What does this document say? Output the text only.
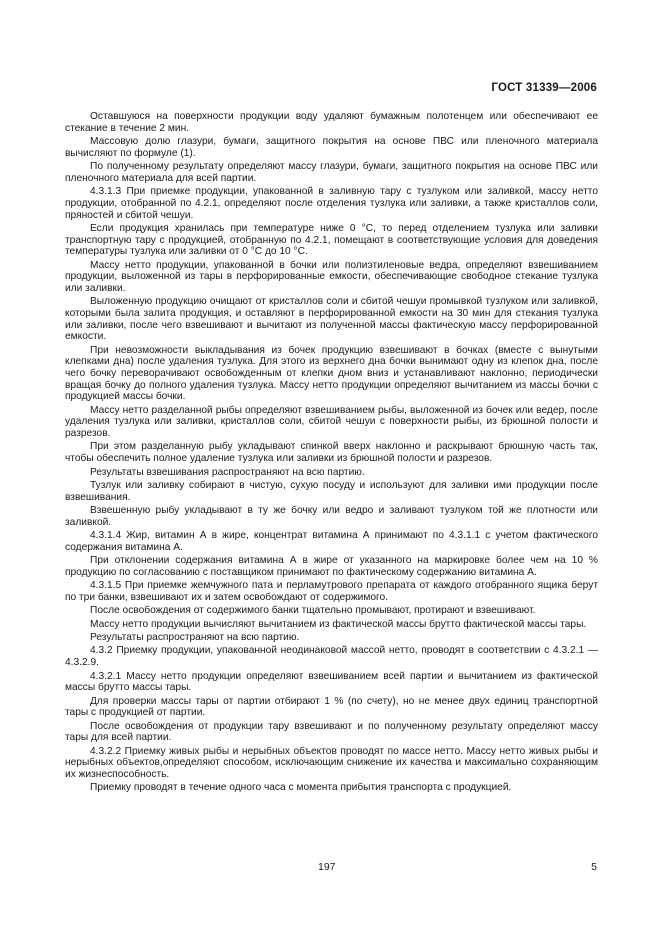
ГОСТ 31339—2006

Оставшуюся на поверхности продукции воду удаляют бумажным полотенцем или обеспечивают ее стекание в течение 2 мин.

Массовую долю глазури, бумаги, защитного покрытия на основе ПВС или пленочного материала вычисляют по формуле (1).

По полученному результату определяют массу глазури, бумаги, защитного покрытия на основе ПВС или пленочного материала для всей партии.

4.3.1.3 При приемке продукции, упакованной в заливную тару с тузлуком или заливкой, массу нетто продукции, отобранной по 4.2.1, определяют после отделения тузлука или заливки, а также кристаллов соли, пряностей и сбитой чешуи.

Если продукция хранилась при температуре ниже 0 °С, то перед отделением тузлука или заливки транспортную тару с продукцией, отобранную по 4.2.1, помещают в соответствующие условия для доведения температуры тузлука или заливки от 0 °С до 10 °С.

Массу нетто продукции, упакованной в бочки или полиэтиленовые ведра, определяют взвешиванием продукции, выложенной из тары в перфорированные емкости, обеспечивающие свободное стекание тузлука или заливки.

Выложенную продукцию очищают от кристаллов соли и сбитой чешуи промывкой тузлуком или заливкой, которыми была залита продукция, и оставляют в перфорированной емкости на 30 мин для стекания тузлука или заливки, после чего взвешивают и вычитают из полученной массы фактическую массу перфорированной емкости.

При невозможности выкладывания из бочек продукцию взвешивают в бочках (вместе с вынутыми клепками дна) после удаления тузлука. Для этого из верхнего дна бочки вынимают одну из клепок дна, после чего бочку переворачивают освобожденным от клепки дном вниз и устанавливают наклонно, периодически вращая бочку до полного удаления тузлука. Массу нетто продукции определяют вычитанием из массы бочки с продукцией массы бочки.

Массу нетто разделанной рыбы определяют взвешиванием рыбы, выложенной из бочек или ведер, после удаления тузлука или заливки, кристаллов соли, сбитой чешуи с поверхности рыбы, из брюшной полости и разрезов.

При этом разделанную рыбу укладывают спинкой вверх наклонно и раскрывают брюшную часть так, чтобы обеспечить полное удаление тузлука или заливки из брюшной полости и разрезов.

Результаты взвешивания распространяют на всю партию.

Тузлук или заливку собирают в чистую, сухую посуду и используют для заливки ими продукции после взвешивания.

Взвешенную рыбу укладывают в ту же бочку или ведро и заливают тузлуком той же плотности или заливкой.

4.3.1.4 Жир, витамин А в жире, концентрат витамина А принимают по 4.3.1.1 с учетом фактического содержания витамина А.

При отклонении содержания витамина А в жире от указанного на маркировке более чем на 10 % продукцию по согласованию с поставщиком принимают по фактическому содержанию витамина А.

4.3.1.5 При приемке жемчужного пата и перламутрового препарата от каждого отобранного ящика берут по три банки, взвешивают их и затем освобождают от содержимого.

После освобождения от содержимого банки тщательно промывают, протирают и взвешивают.

Массу нетто продукции вычисляют вычитанием из фактической массы брутто фактической массы тары.

Результаты распространяют на всю партию.

4.3.2 Приемку продукции, упакованной неодинаковой массой нетто, проводят в соответствии с 4.3.2.1 — 4.3.2.9.

4.3.2.1 Массу нетто продукции определяют взвешиванием всей партии и вычитанием из фактической массы брутто массы тары.

Для проверки массы тары от партии отбирают 1 % (по счету), но не менее двух единиц транспортной тары с продукцией от партии.

После освобождения от продукции тару взвешивают и по полученному результату определяют массу тары для всей партии.

4.3.2.2 Приемку живых рыбы и нерыбных объектов проводят по массе нетто. Массу нетто живых рыбы и нерыбных объектов,определяют способом, исключающим снижение их качества и максимально сохраняющим их жизнеспособность.

Приемку проводят в течение одного часа с момента прибытия транспорта с продукцией.

197	5
